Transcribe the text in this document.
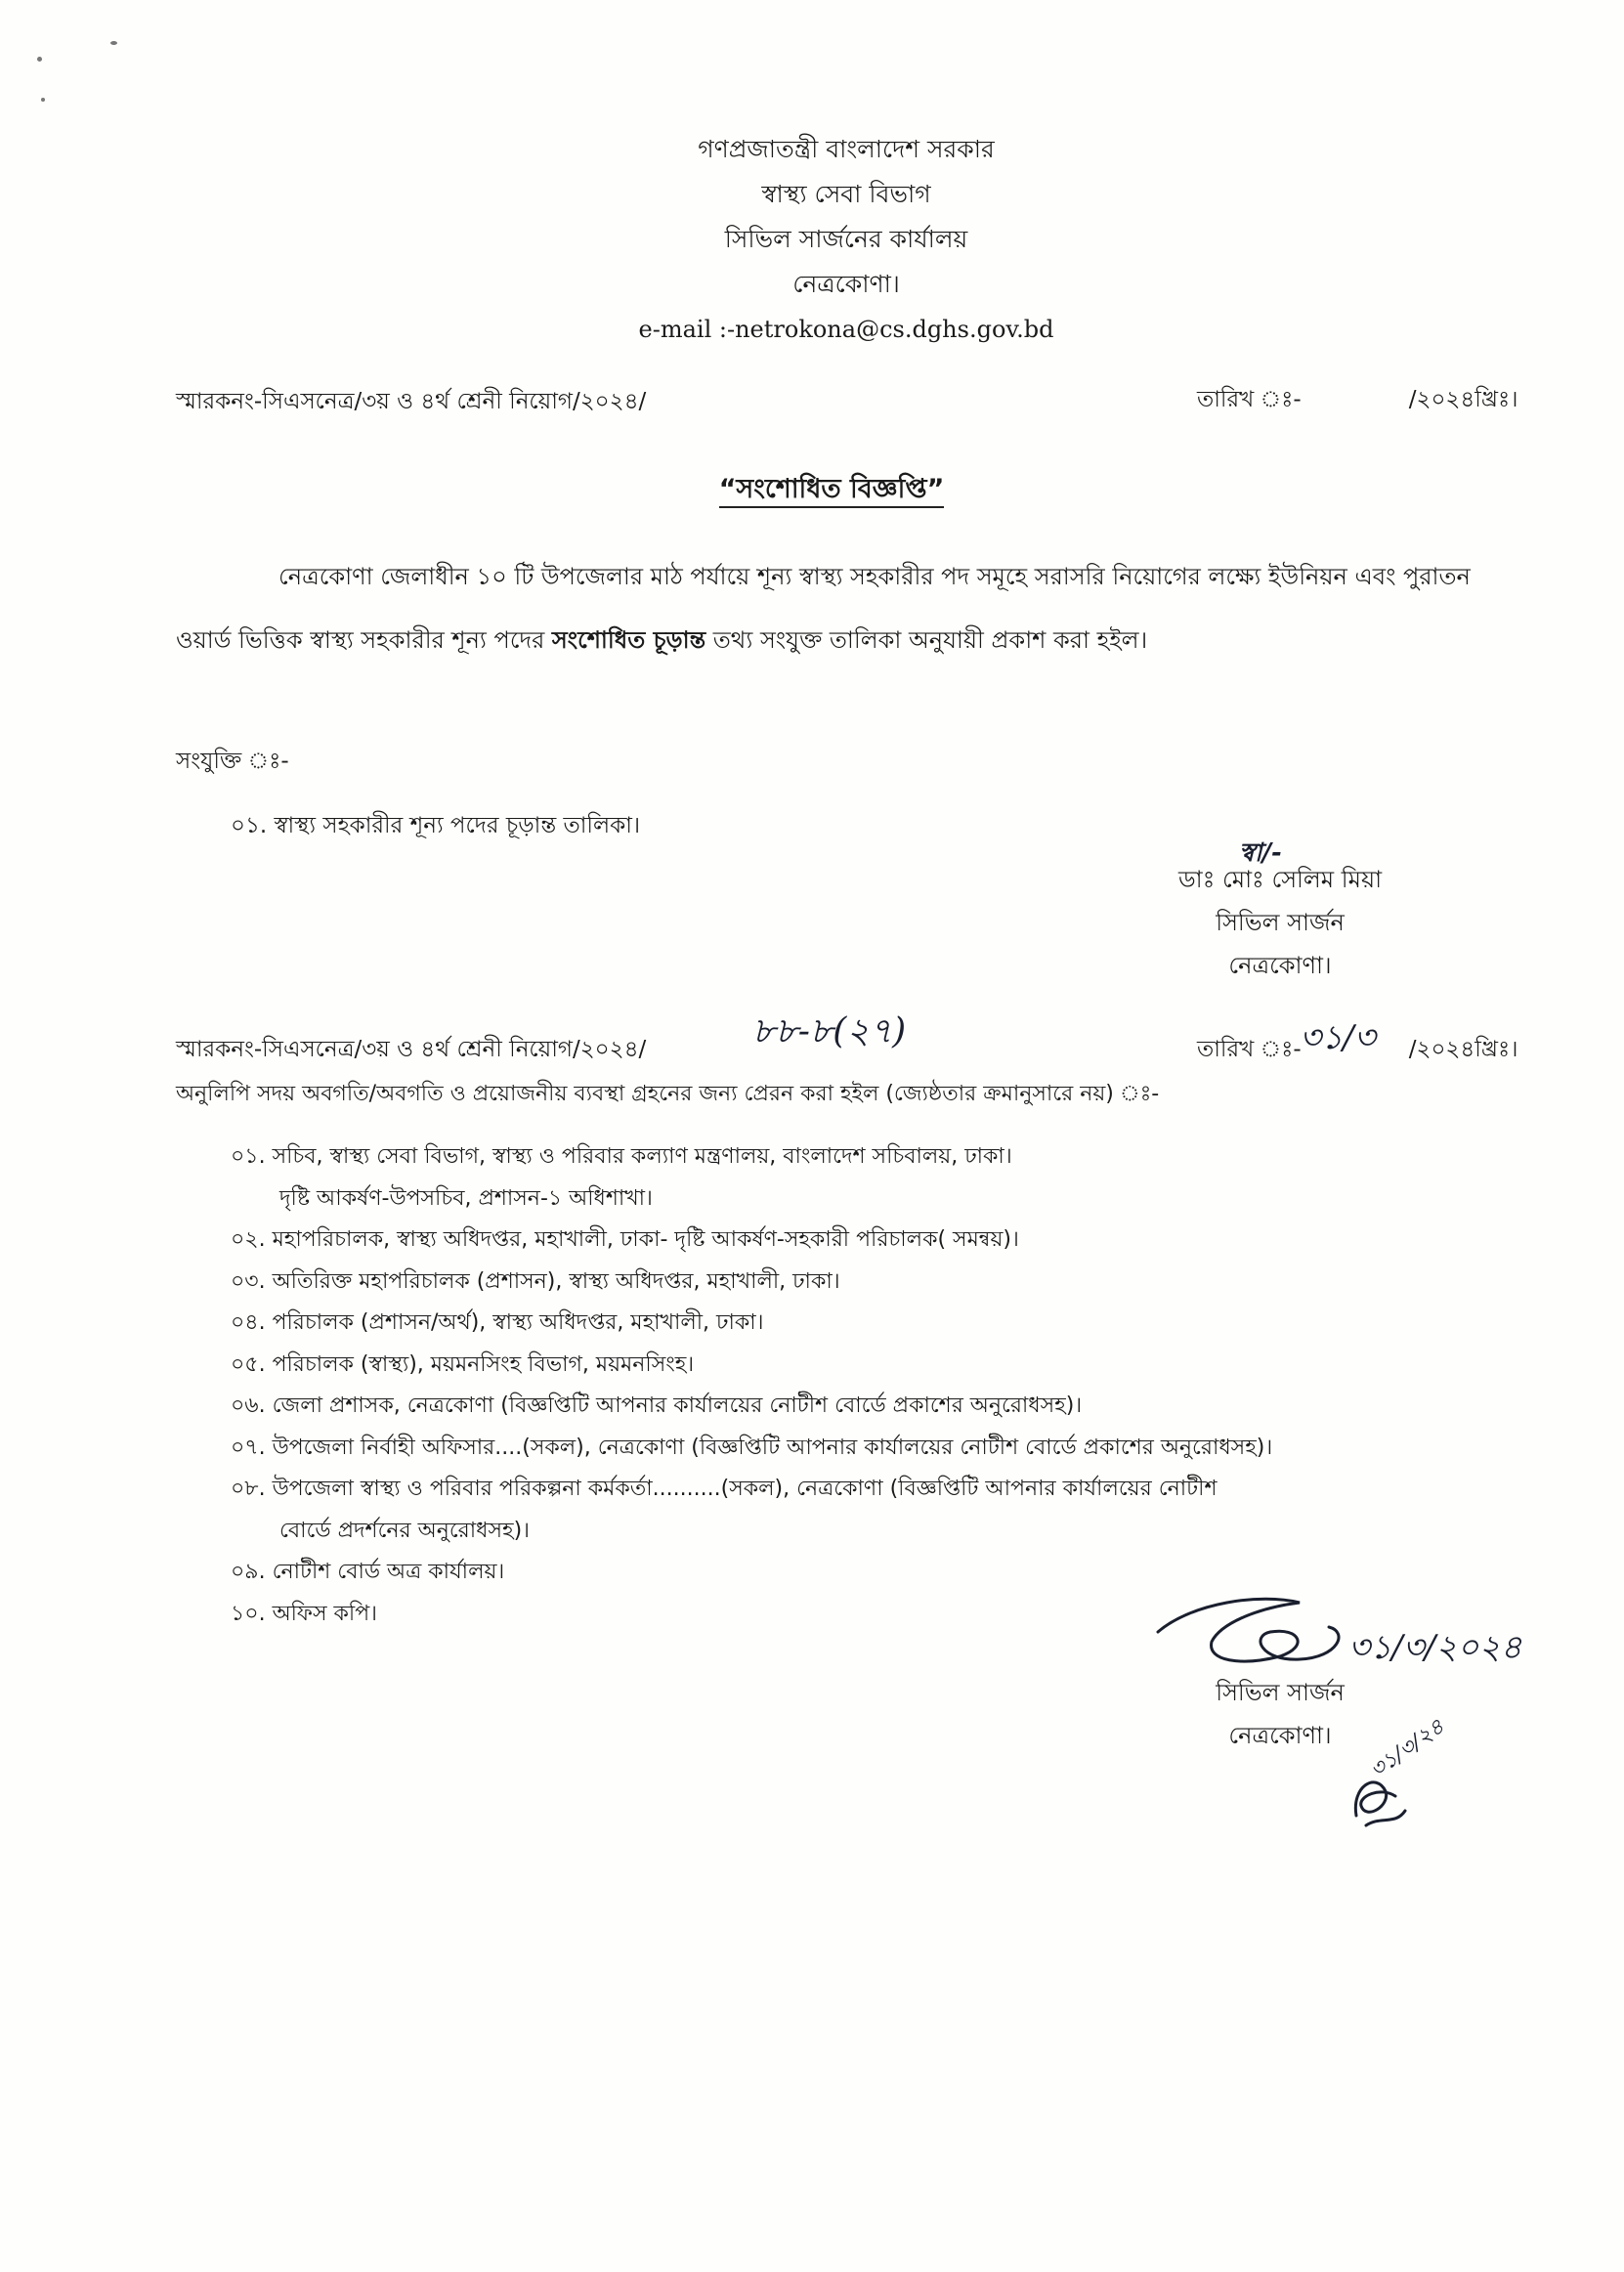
গণপ্রজাতন্ত্রী বাংলাদেশ সরকার
স্বাস্থ্য সেবা বিভাগ
সিভিল সার্জনের কার্যালয়
নেত্রকোণা।
e-mail :-netrokona@cs.dghs.gov.bd
স্মারকনং-সিএসনেত্র/৩য় ও ৪র্থ শ্রেনী নিয়োগ/২০২৪/	তারিখ ঃ-	/২০২৪খ্রিঃ।
“সংশোধিত বিজ্ঞপ্তি”
নেত্রকোণা জেলাধীন ১০ টি উপজেলার মাঠ পর্যায়ে শূন্য স্বাস্থ্য সহকারীর পদ সমূহে সরাসরি নিয়োগের লক্ষ্যে ইউনিয়ন এবং পুরাতন ওয়ার্ড ভিত্তিক স্বাস্থ্য সহকারীর শূন্য পদের সংশোধিত চূড়ান্ত তথ্য সংযুক্ত তালিকা অনুযায়ী প্রকাশ করা হইল।
সংযুক্তি ঃ-
০১. স্বাস্থ্য সহকারীর শূন্য পদের চূড়ান্ত তালিকা।
স্বা/-
ডাঃ মোঃ সেলিম মিয়া
সিভিল সার্জন
নেত্রকোণা।
স্মারকনং-সিএসনেত্র/৩য় ও ৪র্থ শ্রেনী নিয়োগ/২০২৪/	৮৮-৮(২৭)	তারিখ ঃ-	/২০২৪খ্রিঃ।
৩১/৩
অনুলিপি সদয় অবগতি/অবগতি ও প্রয়োজনীয় ব্যবস্থা গ্রহনের জন্য প্রেরন করা হইল (জ্যেষ্ঠতার ক্রমানুসারে নয়) ঃ-
০১. সচিব, স্বাস্থ্য সেবা বিভাগ, স্বাস্থ্য ও পরিবার কল্যাণ মন্ত্রণালয়, বাংলাদেশ সচিবালয়, ঢাকা।
দৃষ্টি আকর্ষণ-উপসচিব, প্রশাসন-১ অধিশাখা।
০২. মহাপরিচালক, স্বাস্থ্য অধিদপ্তর, মহাখালী, ঢাকা- দৃষ্টি আকর্ষণ-সহকারী পরিচালক( সমন্বয়)।
০৩. অতিরিক্ত মহাপরিচালক (প্রশাসন), স্বাস্থ্য অধিদপ্তর, মহাখালী, ঢাকা।
০৪. পরিচালক (প্রশাসন/অর্থ), স্বাস্থ্য অধিদপ্তর, মহাখালী, ঢাকা।
০৫. পরিচালক (স্বাস্থ্য), ময়মনসিংহ বিভাগ, ময়মনসিংহ।
০৬. জেলা প্রশাসক, নেত্রকোণা (বিজ্ঞপ্তিটি আপনার কার্যালয়ের নোটীশ বোর্ডে প্রকাশের অনুরোধসহ)।
০৭. উপজেলা নির্বাহী অফিসার....(সকল), নেত্রকোণা (বিজ্ঞপ্তিটি আপনার কার্যালয়ের নোটীশ বোর্ডে প্রকাশের অনুরোধসহ)।
০৮. উপজেলা স্বাস্থ্য ও পরিবার পরিকল্পনা কর্মকর্তা..........(সকল), নেত্রকোণা (বিজ্ঞপ্তিটি আপনার কার্যালয়ের নোটীশ
বোর্ডে প্রদর্শনের অনুরোধসহ)।
০৯. নোটীশ বোর্ড অত্র কার্যালয়।
১০. অফিস কপি।
৩১/৩/২০২৪
সিভিল সার্জন
নেত্রকোণা।	৩১/৩/২৪
